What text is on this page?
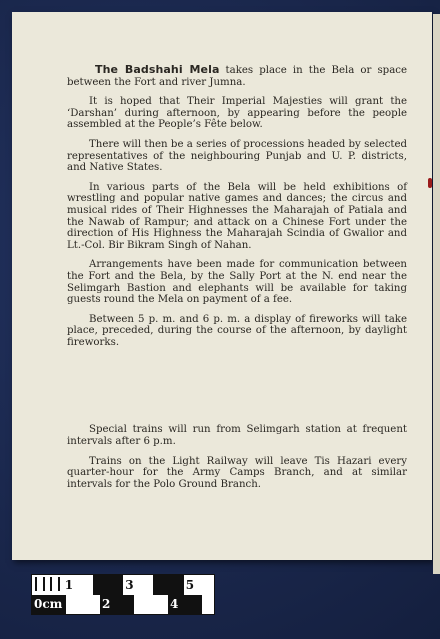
The Badshahi Mela takes place in the Bela or space between the Fort and river Jumna.

It is hoped that Their Imperial Majesties will grant the ‘Darshan’ during afternoon, by appearing before the people assembled at the People’s Fête below.

There will then be a series of processions headed by selected representatives of the neighbouring Punjab and U. P. districts, and Native States.

In various parts of the Bela will be held exhibitions of wrestling and popular native games and dances; the circus and musical rides of Their Highnesses the Maharajah of Patiala and the Nawab of Rampur; and attack on a Chinese Fort under the direction of His Highness the Maharajah Scindia of Gwalior and Lt.-Col. Bir Bikram Singh of Nahan.

Arrangements have been made for communication between the Fort and the Bela, by the Sally Port at the N. end near the Selimgarh Bastion and elephants will be available for taking guests round the Mela on payment of a fee.

Between 5 p. m. and 6 p. m. a display of fireworks will take place, preceded, during the course of the afternoon, by daylight fireworks.

Special trains will run from Selimgarh station at frequent intervals after 6 p.m.

Trains on the Light Railway will leave Tis Hazari every quarter-hour for the Army Camps Branch, and at similar intervals for the Polo Ground Branch.

1	3	5
0cm	2	4
